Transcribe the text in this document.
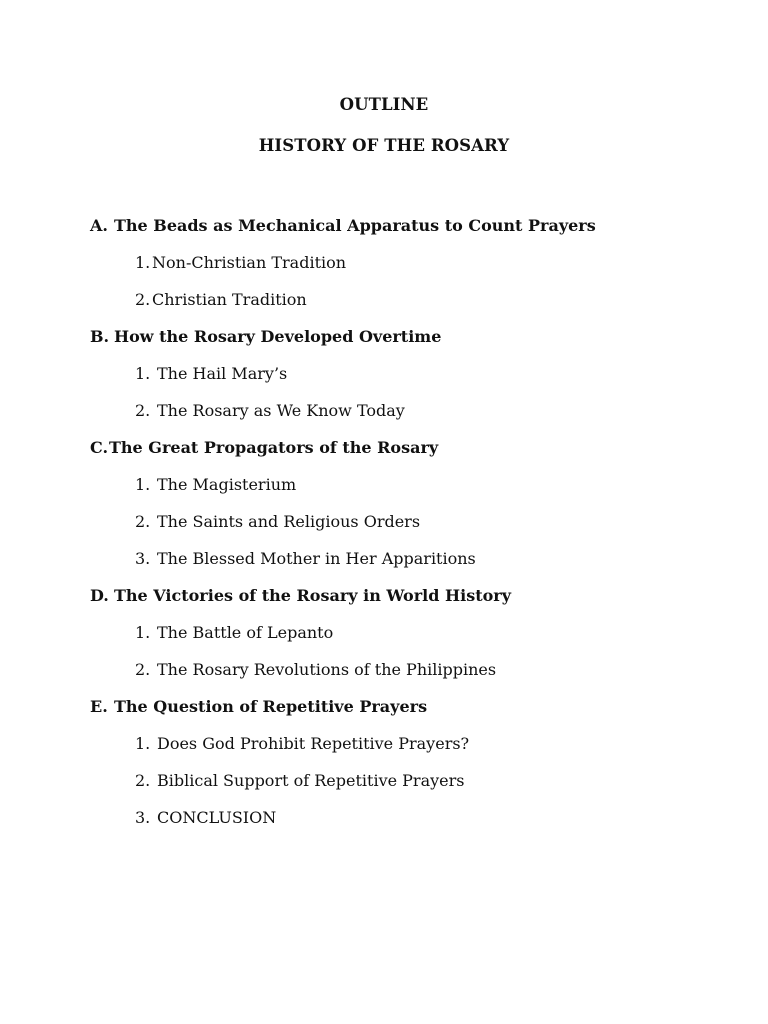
OUTLINE
HISTORY OF THE ROSARY
A. The Beads as Mechanical Apparatus to Count Prayers
1. Non-Christian Tradition
2. Christian Tradition
B. How the Rosary Developed Overtime
1. The Hail Mary’s
2. The Rosary as We Know Today
C.The Great Propagators of the Rosary
1. The Magisterium
2. The Saints and Religious Orders
3. The Blessed Mother in Her Apparitions
D. The Victories of the Rosary in World History
1. The Battle of Lepanto
2. The Rosary Revolutions of the Philippines
E. The Question of Repetitive Prayers
1. Does God Prohibit Repetitive Prayers?
2. Biblical Support of Repetitive Prayers
3. CONCLUSION
